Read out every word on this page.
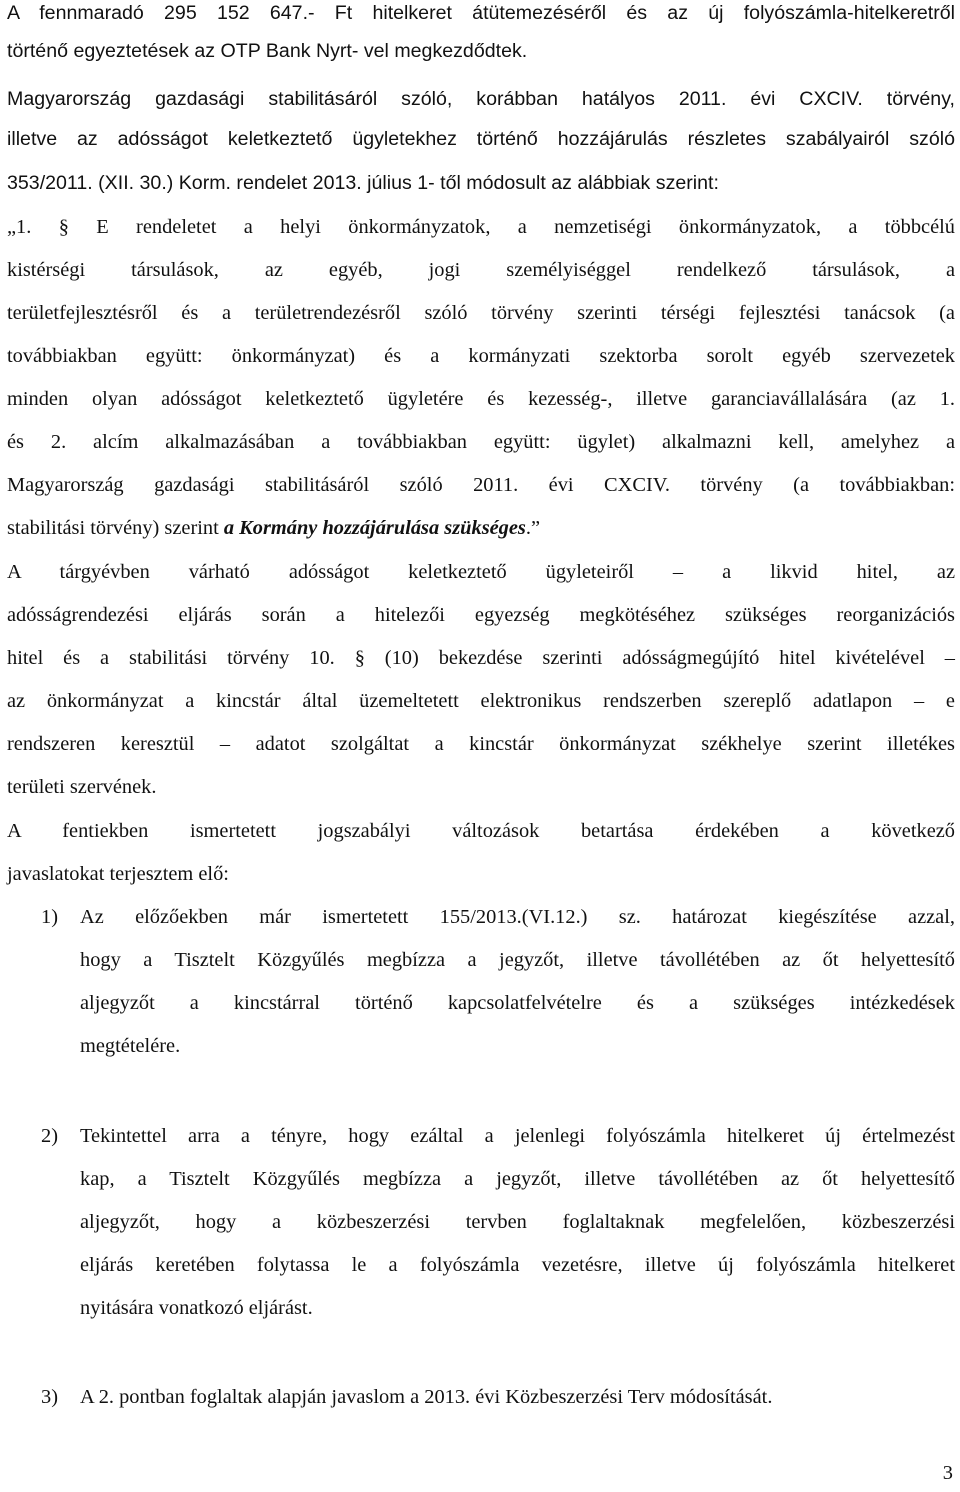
A fennmaradó 295 152 647.- Ft hitelkeret átütemezéséről és az új folyószámla-hitelkeretről
történő egyeztetések az OTP Bank Nyrt- vel megkezdődtek.
Magyarország gazdasági stabilitásáról szóló, korábban hatályos 2011. évi CXCIV. törvény,
illetve az adósságot keletkeztető ügyletekhez történő hozzájárulás részletes szabályairól szóló
353/2011. (XII. 30.) Korm. rendelet 2013. július 1- től módosult az alábbiak szerint:
„1. § E rendeletet a helyi önkormányzatok, a nemzetiségi önkormányzatok, a többcélú
kistérségi társulások, az egyéb, jogi személyiséggel rendelkező társulások, a
területfejlesztésről és a területrendezésről szóló törvény szerinti térségi fejlesztési tanácsok (a
továbbiakban együtt: önkormányzat) és a kormányzati szektorba sorolt egyéb szervezetek
minden olyan adósságot keletkeztető ügyletére és kezesség-, illetve garanciavállalására (az 1.
és 2. alcím alkalmazásában a továbbiakban együtt: ügylet) alkalmazni kell, amelyhez a
Magyarország gazdasági stabilitásáról szóló 2011. évi CXCIV. törvény (a továbbiakban:
stabilitási törvény) szerint a Kormány hozzájárulása szükséges.”
A tárgyévben várható adósságot keletkeztető ügyleteiről – a likvid hitel, az
adósságrendezési eljárás során a hitelezői egyezség megkötéséhez szükséges reorganizációs
hitel és a stabilitási törvény 10. § (10) bekezdése szerinti adósságmegújító hitel kivételével –
az önkormányzat a kincstár által üzemeltetett elektronikus rendszerben szereplő adatlapon – e
rendszeren keresztül – adatot szolgáltat a kincstár önkormányzat székhelye szerint illetékes
területi szervének.
A fentiekben ismertetett jogszabályi változások betartása érdekében a következő
javaslatokat terjesztem elő:
1) Az előzőekben már ismertetett 155/2013.(VI.12.) sz. határozat kiegészítése azzal,
hogy a Tisztelt Közgyűlés megbízza a jegyzőt, illetve távollétében az őt helyettesítő
aljegyzőt a kincstárral történő kapcsolatfelvételre és a szükséges intézkedések
megtételére.
2) Tekintettel arra a tényre, hogy ezáltal a jelenlegi folyószámla hitelkeret új értelmezést
kap, a Tisztelt Közgyűlés megbízza a jegyzőt, illetve távollétében az őt helyettesítő
aljegyzőt, hogy a közbeszerzési tervben foglaltaknak megfelelően, közbeszerzési
eljárás keretében folytassa le a folyószámla vezetésre, illetve új folyószámla hitelkeret
nyitására vonatkozó eljárást.
3) A 2. pontban foglaltak alapján javaslom a 2013. évi Közbeszerzési Terv módosítását.
3
